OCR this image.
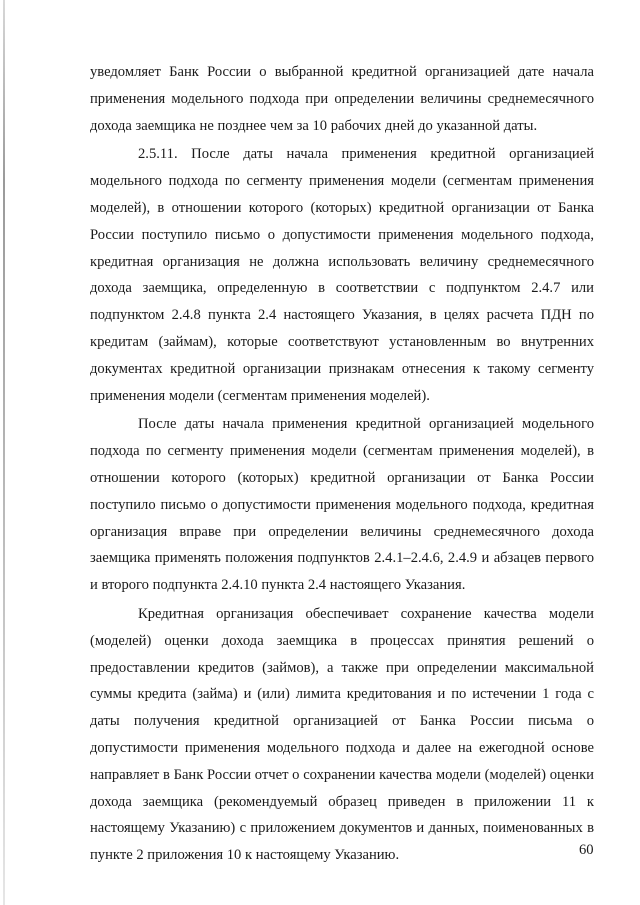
уведомляет Банк России о выбранной кредитной организацией дате начала применения модельного подхода при определении величины среднемесячного дохода заемщика не позднее чем за 10 рабочих дней до указанной даты.

2.5.11. После даты начала применения кредитной организацией модельного подхода по сегменту применения модели (сегментам применения моделей), в отношении которого (которых) кредитной организации от Банка России поступило письмо о допустимости применения модельного подхода, кредитная организация не должна использовать величину среднемесячного дохода заемщика, определенную в соответствии с подпунктом 2.4.7 или подпунктом 2.4.8 пункта 2.4 настоящего Указания, в целях расчета ПДН по кредитам (займам), которые соответствуют установленным во внутренних документах кредитной организации признакам отнесения к такому сегменту применения модели (сегментам применения моделей).

После даты начала применения кредитной организацией модельного подхода по сегменту применения модели (сегментам применения моделей), в отношении которого (которых) кредитной организации от Банка России поступило письмо о допустимости применения модельного подхода, кредитная организация вправе при определении величины среднемесячного дохода заемщика применять положения подпунктов 2.4.1–2.4.6, 2.4.9 и абзацев первого и второго подпункта 2.4.10 пункта 2.4 настоящего Указания.

Кредитная организация обеспечивает сохранение качества модели (моделей) оценки дохода заемщика в процессах принятия решений о предоставлении кредитов (займов), а также при определении максимальной суммы кредита (займа) и (или) лимита кредитования и по истечении 1 года с даты получения кредитной организацией от Банка России письма о допустимости применения модельного подхода и далее на ежегодной основе направляет в Банк России отчет о сохранении качества модели (моделей) оценки дохода заемщика (рекомендуемый образец приведен в приложении 11 к настоящему Указанию) с приложением документов и данных, поименованных в пункте 2 приложения 10 к настоящему Указанию.	60
